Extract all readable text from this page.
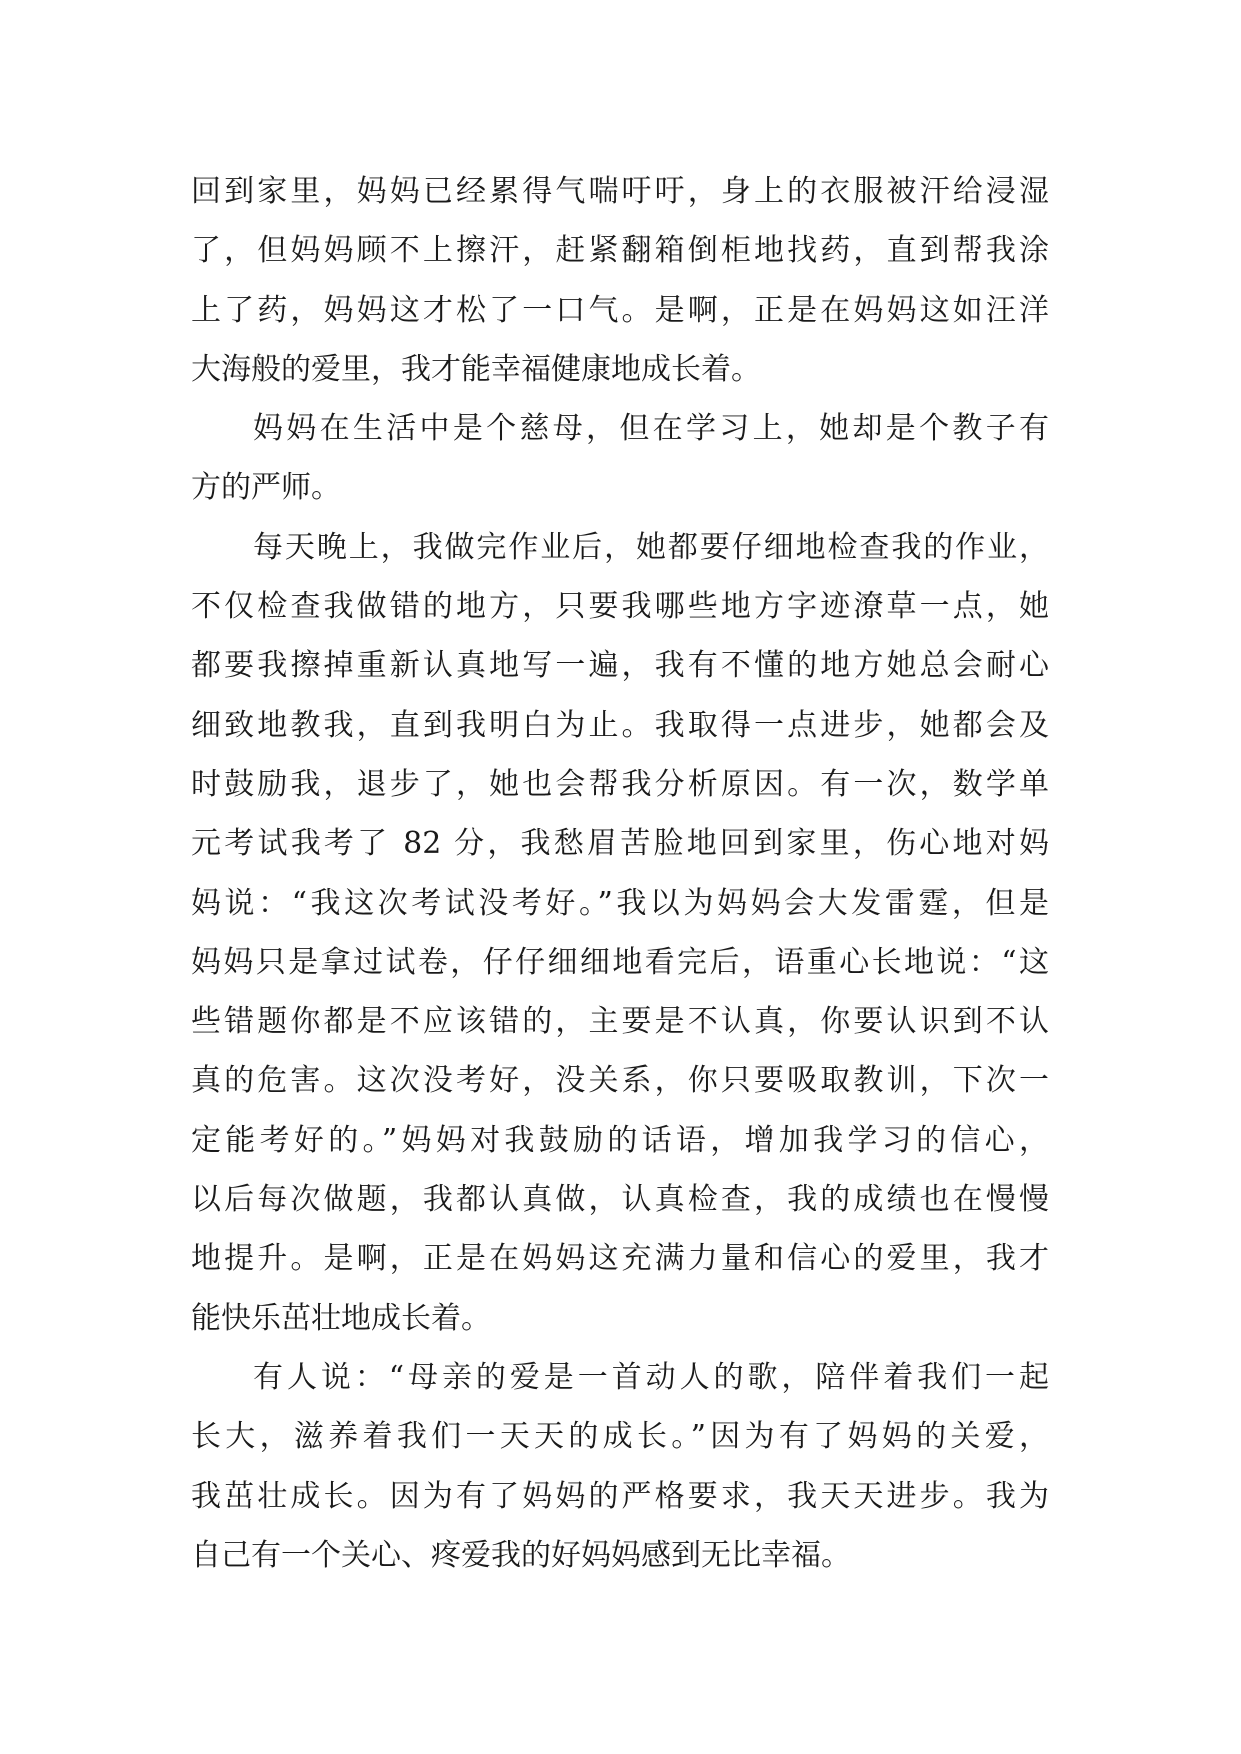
回到家里，妈妈已经累得气喘吁吁，身上的衣服被汗给浸湿
了，但妈妈顾不上擦汗，赶紧翻箱倒柜地找药，直到帮我涂
上了药，妈妈这才松了一口气。是啊，正是在妈妈这如汪洋
大海般的爱里，我才能幸福健康地成长着。
妈妈在生活中是个慈母，但在学习上，她却是个教子有
方的严师。
每天晚上，我做完作业后，她都要仔细地检查我的作业，
不仅检查我做错的地方，只要我哪些地方字迹潦草一点，她
都要我擦掉重新认真地写一遍，我有不懂的地方她总会耐心
细致地教我，直到我明白为止。我取得一点进步，她都会及
时鼓励我，退步了，她也会帮我分析原因。有一次，数学单
元考试我考了 82 分，我愁眉苦脸地回到家里，伤心地对妈
妈说：“我这次考试没考好。”我以为妈妈会大发雷霆，但是
妈妈只是拿过试卷，仔仔细细地看完后，语重心长地说：“这
些错题你都是不应该错的，主要是不认真，你要认识到不认
真的危害。这次没考好，没关系，你只要吸取教训，下次一
定能考好的。”妈妈对我鼓励的话语，增加我学习的信心，
以后每次做题，我都认真做，认真检查，我的成绩也在慢慢
地提升。是啊，正是在妈妈这充满力量和信心的爱里，我才
能快乐茁壮地成长着。
有人说：“母亲的爱是一首动人的歌，陪伴着我们一起
长大，滋养着我们一天天的成长。”因为有了妈妈的关爱，
我茁壮成长。因为有了妈妈的严格要求，我天天进步。我为
自己有一个关心、疼爱我的好妈妈感到无比幸福。
